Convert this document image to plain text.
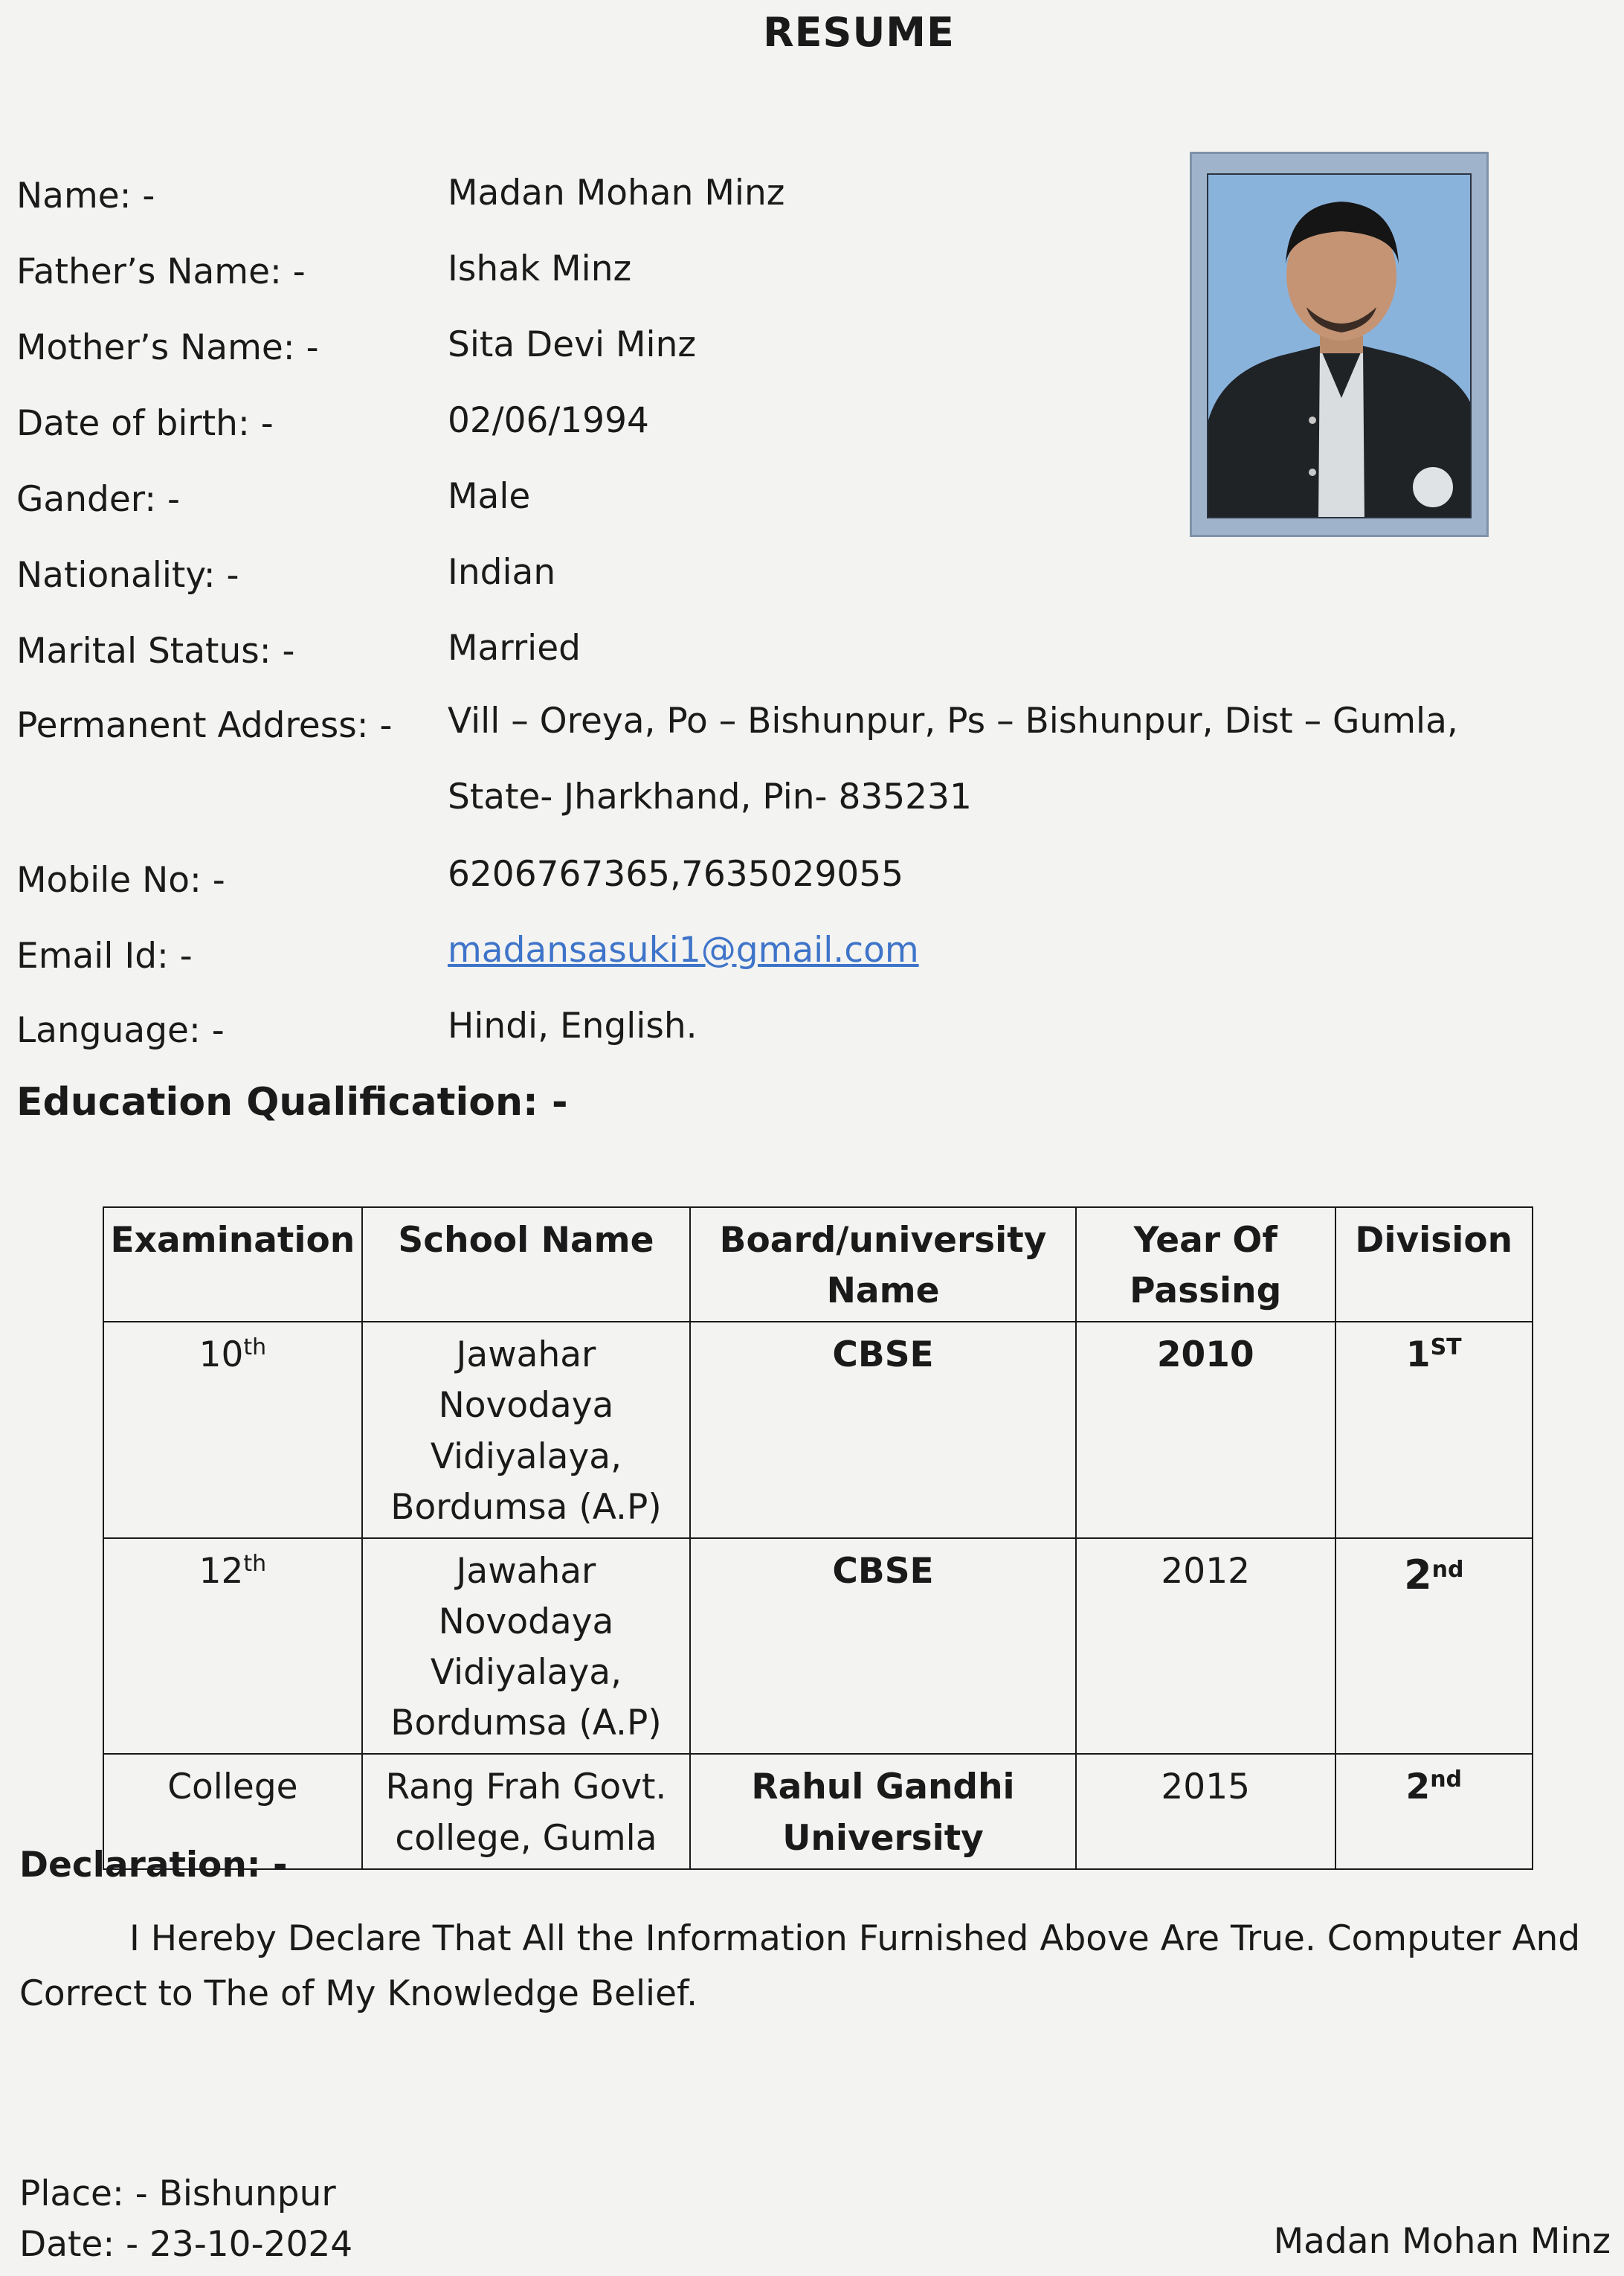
RESUME
Name: -	Madan Mohan Minz
Father’s Name: -	Ishak Minz
Mother’s Name: -	Sita Devi Minz
Date of birth: -	02/06/1994
Gander: -	Male
Nationality: -	Indian
Marital Status: -	Married
Permanent Address: - Vill – Oreya, Po – Bishunpur, Ps – Bishunpur, Dist – Gumla,
State- Jharkhand, Pin- 835231
Mobile No: -	6206767365,7635029055
Email Id: -	madansasuki1@gmail.com
Language: -	Hindi, English.
Education Qualification: -
Examination	School Name	Board/university Name	Year Of Passing	Division
10th	Jawahar Novodaya Vidiyalaya, Bordumsa (A.P)	CBSE	2010	1ST
12th	Jawahar Novodaya Vidiyalaya, Bordumsa (A.P)	CBSE	2012	2nd
College	Rang Frah Govt. college, Gumla	Rahul Gandhi University	2015	2nd
Declaration: -
I Hereby Declare That All the Information Furnished Above Are True. Computer And Correct to The of My Knowledge Belief.
Place: - Bishunpur
Date: - 23-10-2024	Madan Mohan Minz
